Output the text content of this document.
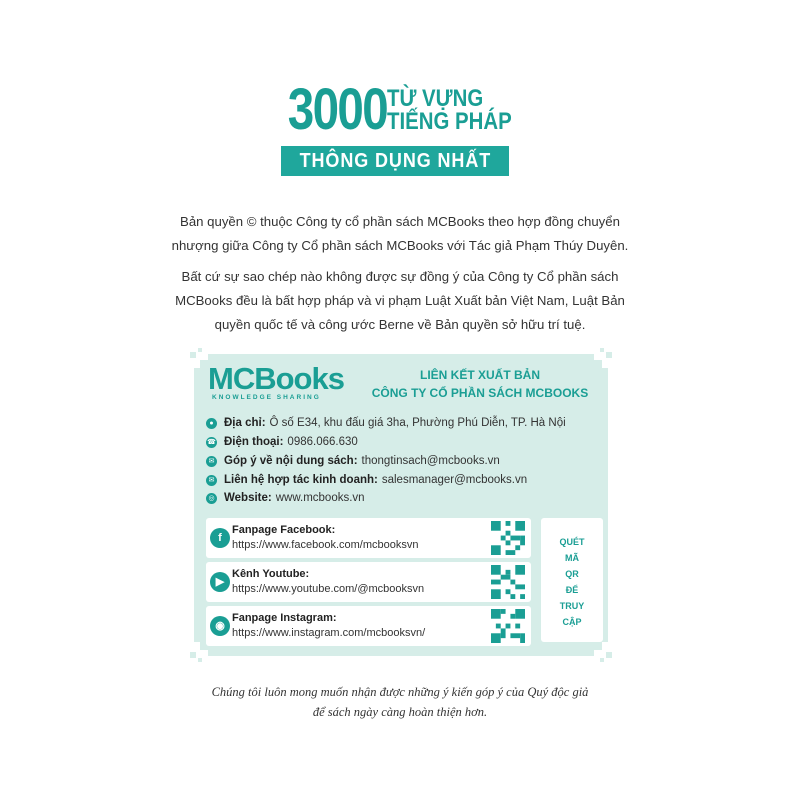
3000 TỪ VỰNG
TIẾNG PHÁP
THÔNG DỤNG NHẤT
Bản quyền © thuộc Công ty cổ phần sách MCBooks theo hợp đồng chuyển nhượng giữa Công ty Cổ phần sách MCBooks với Tác giả Phạm Thúy Duyên.
Bất cứ sự sao chép nào không được sự đồng ý của Công ty Cổ phần sách MCBooks đều là bất hợp pháp và vi phạm Luật Xuất bản Việt Nam, Luật Bản quyền quốc tế và công ước Berne về Bản quyền sở hữu trí tuệ.
MCBooks
KNOWLEDGE SHARING
LIÊN KẾT XUẤT BẢN
CÔNG TY CỔ PHẦN SÁCH MCBOOKS
● Địa chỉ: Ô số E34, khu đấu giá 3ha, Phường Phú Diễn, TP. Hà Nội
☎ Điện thoại: 0986.066.630
✉ Góp ý về nội dung sách: thongtinsach@mcbooks.vn
✉ Liên hệ hợp tác kinh doanh: salesmanager@mcbooks.vn
◎ Website: www.mcbooks.vn
f
Fanpage Facebook:
https://www.facebook.com/mcbooksvn
▶
Kênh Youtube:
https://www.youtube.com/@mcbooksvn
◉
Fanpage Instagram:
https://www.instagram.com/mcbooksvn/
QUÉT
MÃ
QR
ĐỂ
TRUY
CẬP
Chúng tôi luôn mong muốn nhận được những ý kiến góp ý của Quý độc giả
để sách ngày càng hoàn thiện hơn.
